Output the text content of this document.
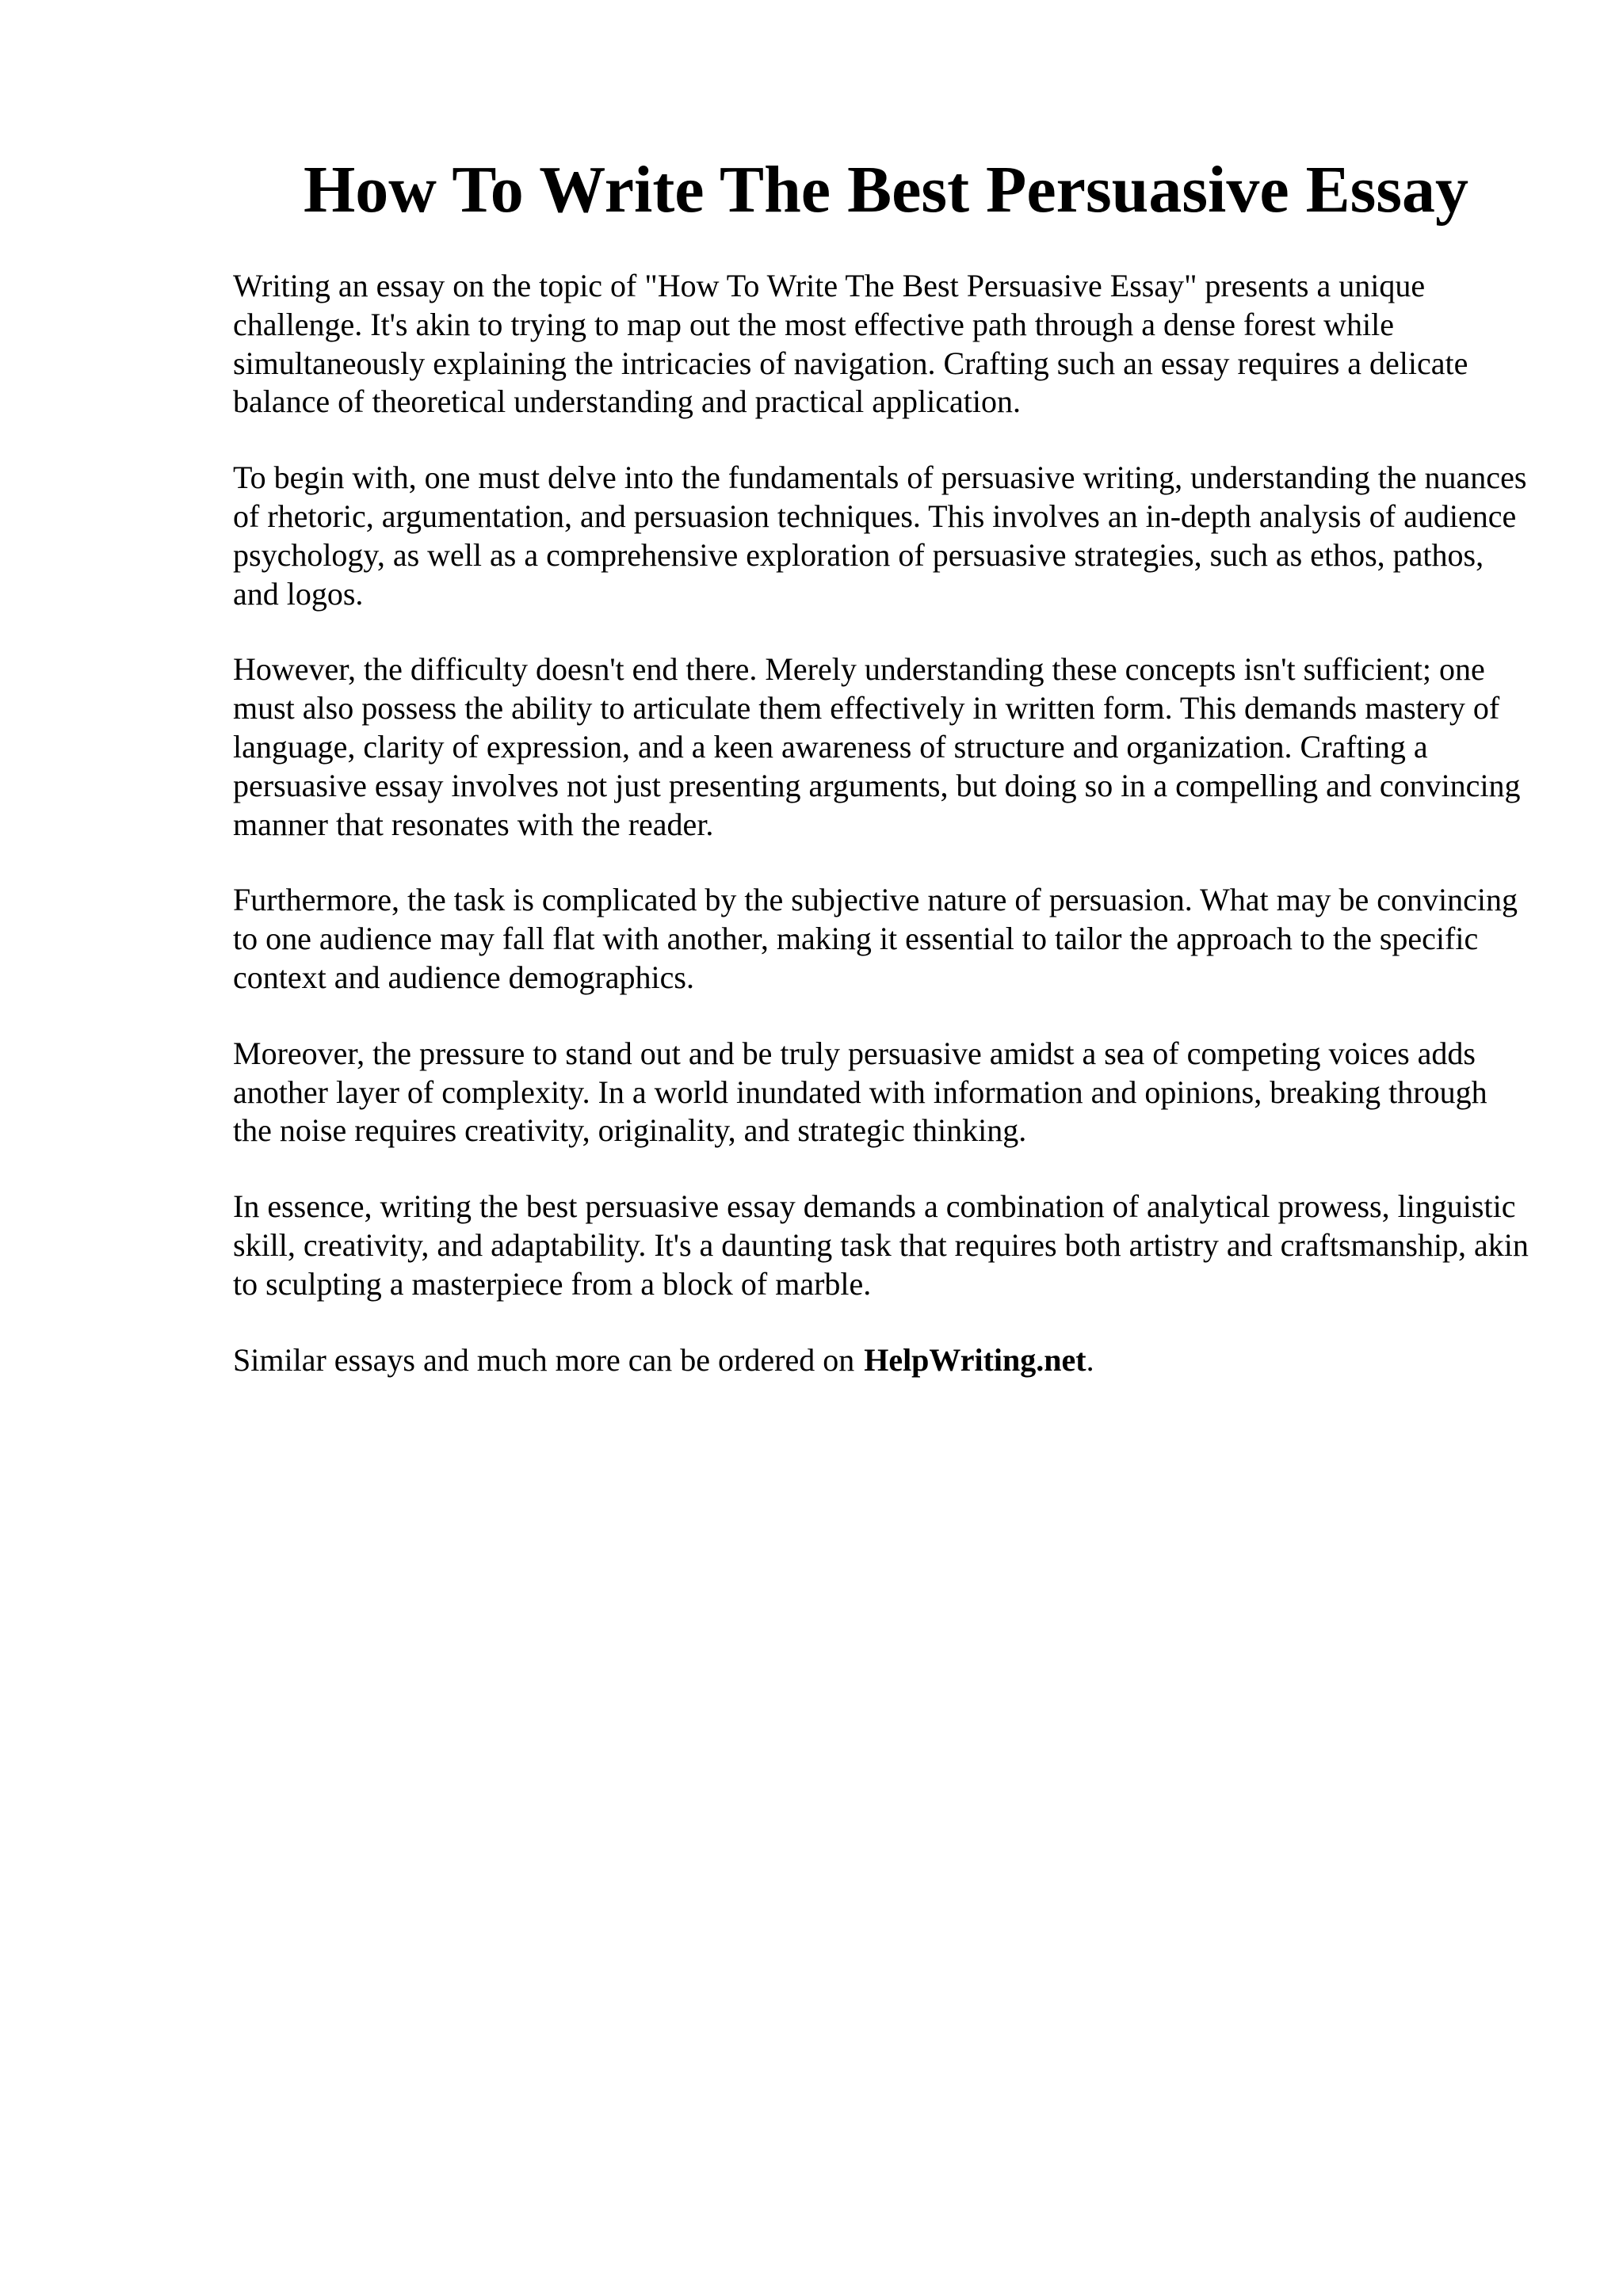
How To Write The Best Persuasive Essay

Writing an essay on the topic of "How To Write The Best Persuasive Essay" presents a unique challenge. It's akin to trying to map out the most effective path through a dense forest while simultaneously explaining the intricacies of navigation. Crafting such an essay requires a delicate balance of theoretical understanding and practical application.

To begin with, one must delve into the fundamentals of persuasive writing, understanding the nuances of rhetoric, argumentation, and persuasion techniques. This involves an in-depth analysis of audience psychology, as well as a comprehensive exploration of persuasive strategies, such as ethos, pathos, and logos.

However, the difficulty doesn't end there. Merely understanding these concepts isn't sufficient; one must also possess the ability to articulate them effectively in written form. This demands mastery of language, clarity of expression, and a keen awareness of structure and organization. Crafting a persuasive essay involves not just presenting arguments, but doing so in a compelling and convincing manner that resonates with the reader.

Furthermore, the task is complicated by the subjective nature of persuasion. What may be convincing to one audience may fall flat with another, making it essential to tailor the approach to the specific context and audience demographics.

Moreover, the pressure to stand out and be truly persuasive amidst a sea of competing voices adds another layer of complexity. In a world inundated with information and opinions, breaking through the noise requires creativity, originality, and strategic thinking.

In essence, writing the best persuasive essay demands a combination of analytical prowess, linguistic skill, creativity, and adaptability. It's a daunting task that requires both artistry and craftsmanship, akin to sculpting a masterpiece from a block of marble.

Similar essays and much more can be ordered on HelpWriting.net.
